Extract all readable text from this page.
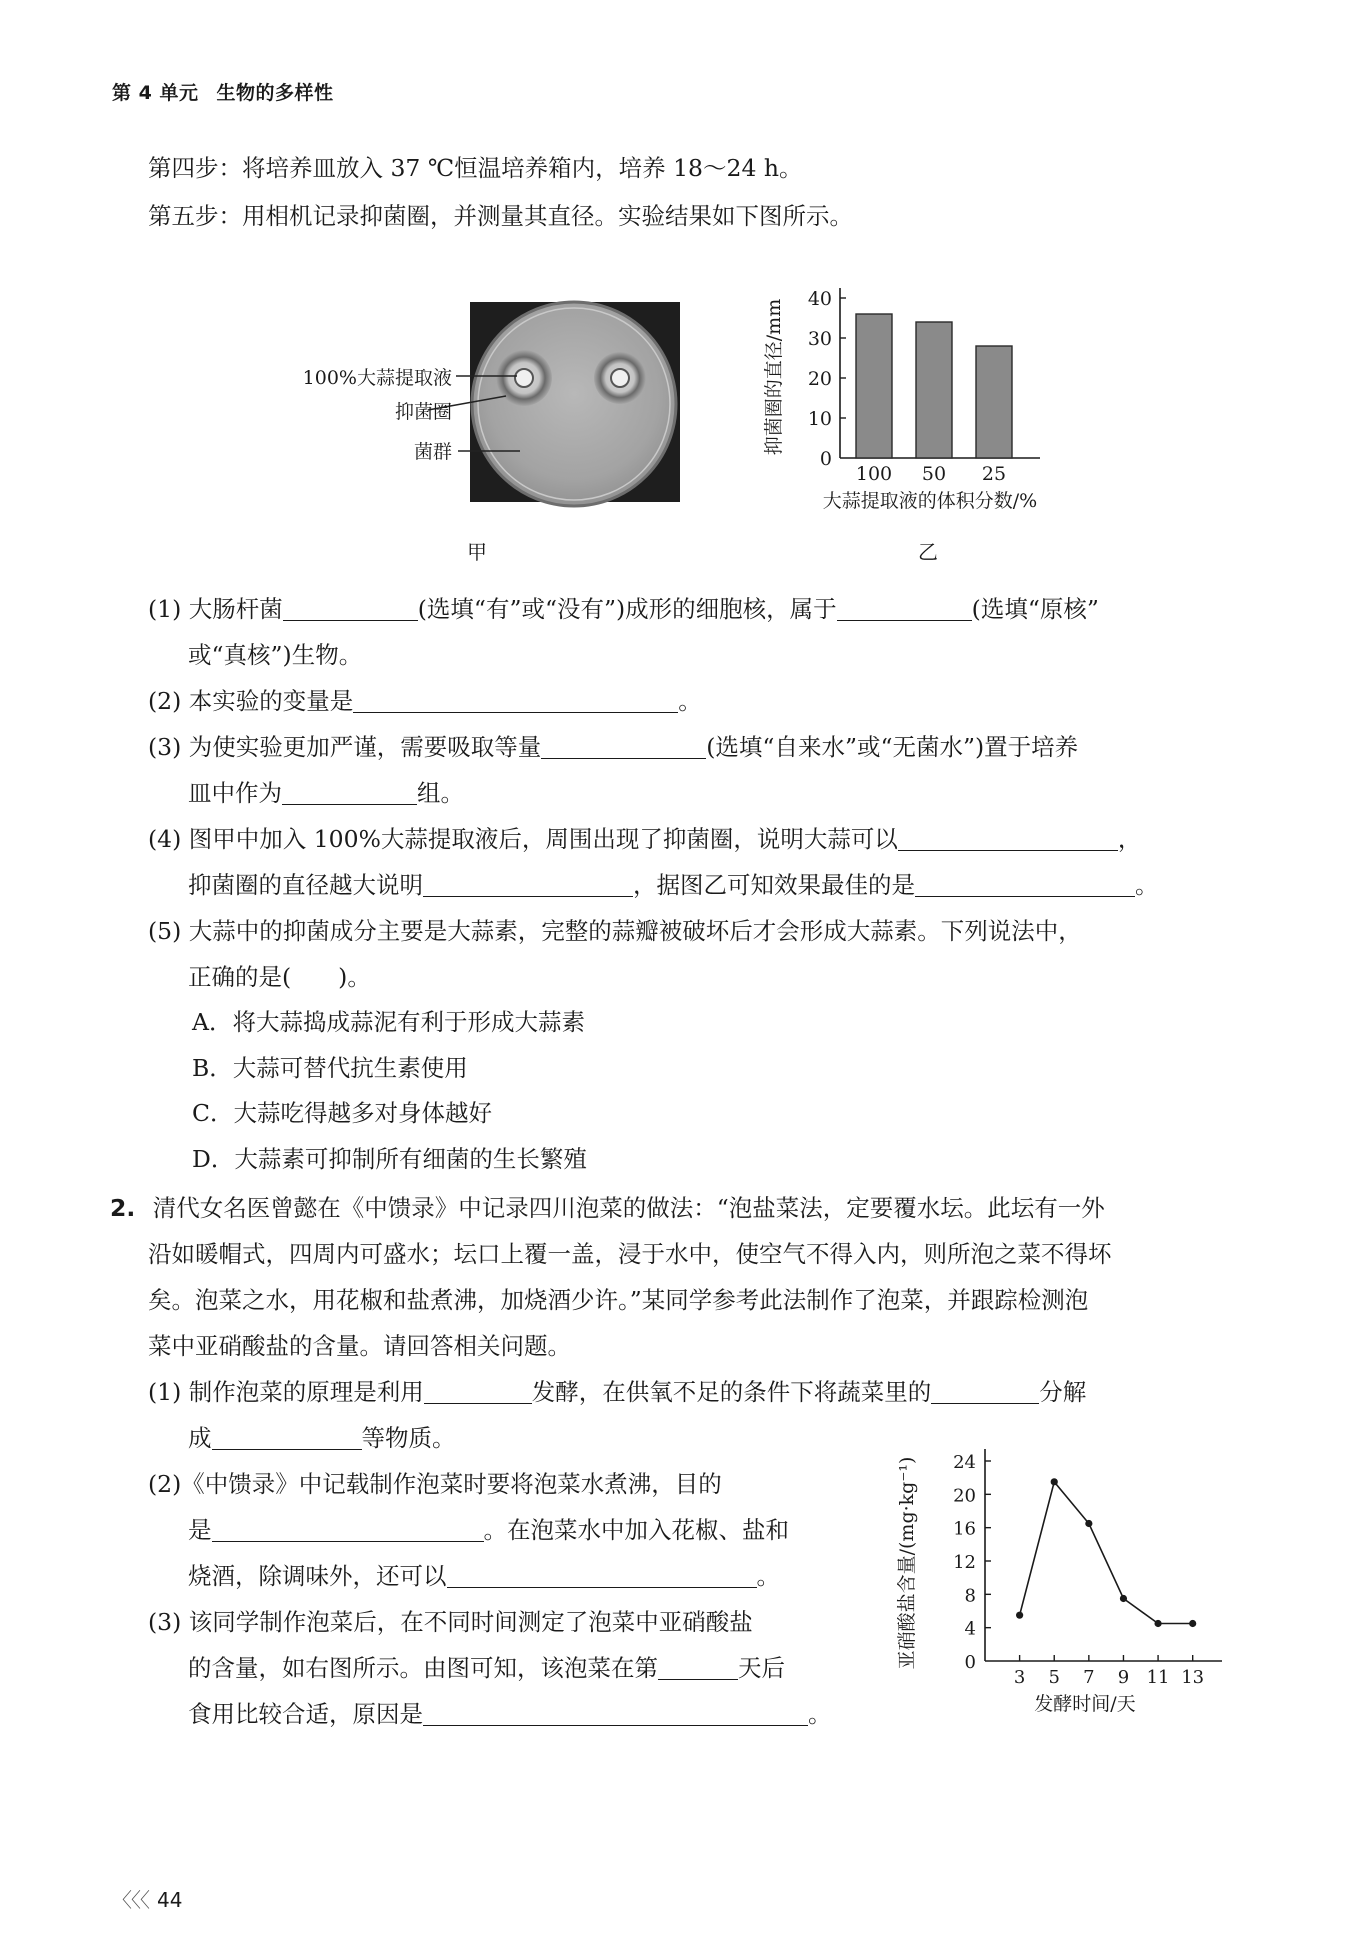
第 4 单元 生物的多样性
第四步：将培养皿放入 37 ℃恒温培养箱内，培养 18～24 h。
第五步：用相机记录抑菌圈，并测量其直径。实验结果如下图所示。
100%大蒜提取液
抑菌圈
菌群
甲
抑菌圈的直径/mm
0
10
20
30
40
100 50 25
大蒜提取液的体积分数/%
乙
(1) 大肠杆菌	(选填“有”或“没有”)成形的细胞核，属于	(选填“原核”
或“真核”)生物。
(2) 本实验的变量是	。
(3) 为使实验更加严谨，需要吸取等量	(选填“自来水”或“无菌水”)置于培养
皿中作为	组。
(4) 图甲中加入 100%大蒜提取液后，周围出现了抑菌圈，说明大蒜可以	，
抑菌圈的直径越大说明	，据图乙可知效果最佳的是	。
(5) 大蒜中的抑菌成分主要是大蒜素，完整的蒜瓣被破坏后才会形成大蒜素。下列说法中，
正确的是(　　)。
A．将大蒜捣成蒜泥有利于形成大蒜素
B．大蒜可替代抗生素使用
C．大蒜吃得越多对身体越好
D．大蒜素可抑制所有细菌的生长繁殖
2. 清代女名医曾懿在《中馈录》中记录四川泡菜的做法：“泡盐菜法，定要覆水坛。此坛有一外
沿如暖帽式，四周内可盛水；坛口上覆一盖，浸于水中，使空气不得入内，则所泡之菜不得坏
矣。泡菜之水，用花椒和盐煮沸，加烧酒少许。”某同学参考此法制作了泡菜，并跟踪检测泡
菜中亚硝酸盐的含量。请回答相关问题。
(1) 制作泡菜的原理是利用	发酵，在供氧不足的条件下将蔬菜里的	分解
成	等物质。
(2)《中馈录》中记载制作泡菜时要将泡菜水煮沸，目的
是	。在泡菜水中加入花椒、盐和
烧酒，除调味外，还可以	。
(3) 该同学制作泡菜后，在不同时间测定了泡菜中亚硝酸盐
的含量，如右图所示。由图可知，该泡菜在第	天后
食用比较合适，原因是	。
亚硝酸盐含量/(mg·kg⁻¹)	0
4
8
12
16
20
24
3 5 7 9 11 13
发酵时间/天
〈〈〈 44
